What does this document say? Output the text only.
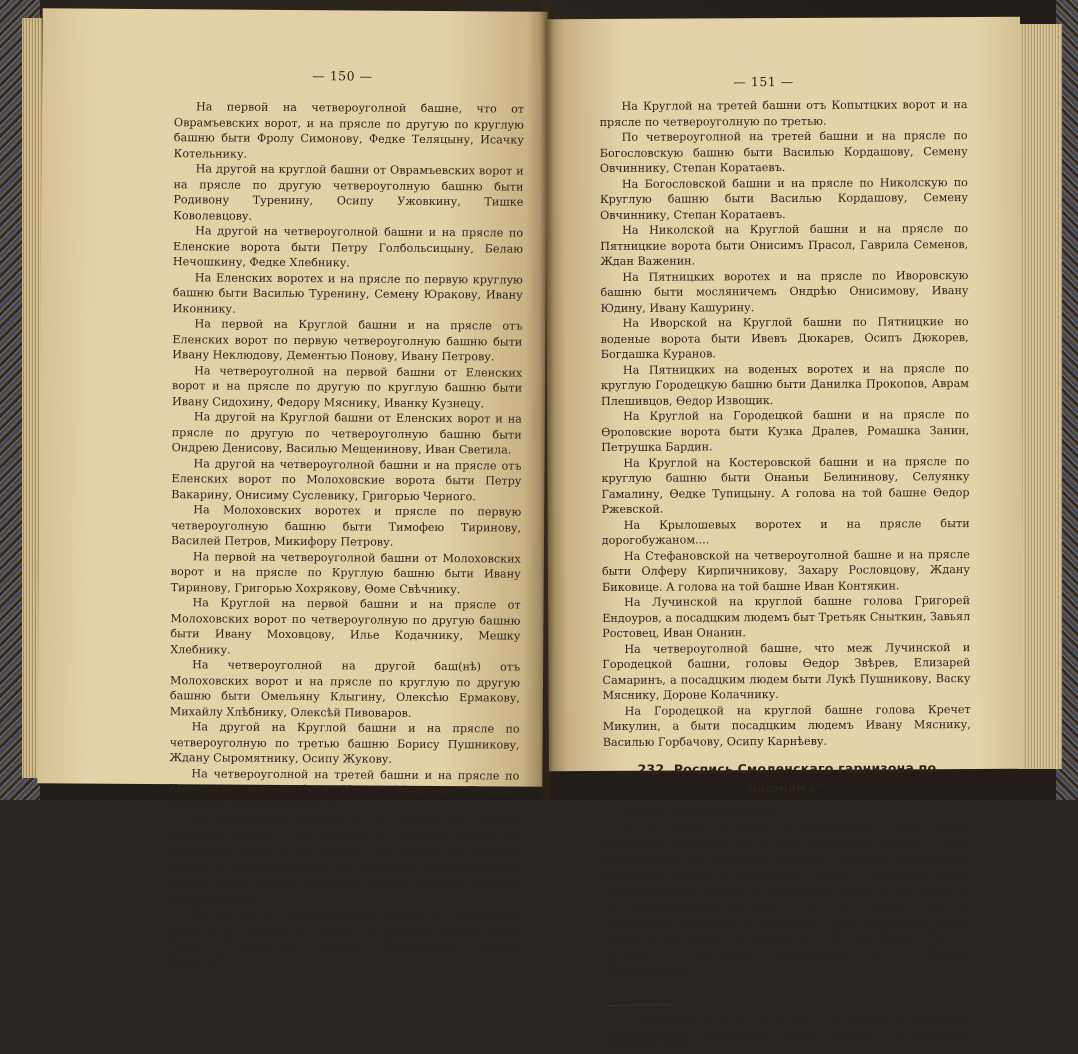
— 150 —

На первой на четвероуголной башне, что от Оврамъевских ворот, и на прясле по другую по круглую башню быти Фролу Симонову, Федке Теляцыну, Исачку Котельнику.

На другой на круглой башни от Оврамъевских ворот и на прясле по другую четвероуголную башню быти Родивону Туренину, Осипу Ужовкину, Тишке Коволевцову.

На другой на четвероуголной башни и на прясле по Еленские ворота быти Петру Голбольсицыну, Белаю Нечошкину, Федке Хлебнику.

На Еленских воротех и на прясле по первую круглую башню быти Василью Туренину, Семену Юракову, Ивану Иконнику.

На первой на Круглой башни и на прясле отъ Еленских ворот по первую четвероуголную башню быти Ивану Неклюдову, Дементью Понову, Ивану Петрову.

На четвероуголной на первой башни от Еленских ворот и на прясле по другую по круглую башню быти Ивану Сидохину, Федору Мяснику, Иванку Кузнецу.

На другой на Круглой башни от Еленских ворот и на прясле по другую по четвероуголную башню быти Ондрею Денисову, Василью Мещенинову, Иван Светила.

На другой на четвероуголной башни и на прясле отъ Еленских ворот по Молоховские ворота быти Петру Вакарину, Онисиму Суслевику, Григорью Черного.

На Молоховских воротех и прясле по первую четвероуголную башню быти Тимофею Тиринову, Василей Петров, Микифору Петрову.

На первой на четвероуголной башни от Молоховских ворот и на прясле по Круглую башню быти Ивану Тиринову, Григорью Хохрякову, Ѳоме Свѣчнику.

На Круглой на первой башни и на прясле от Молоховских ворот по четвероуголную по другую башню быти Ивану Моховцову, Илье Кодачнику, Мешку Хлебнику.

На четвероуголной на другой баш(нѣ) отъ Молоховских ворот и на прясле по круглую по другую башню быти Омельяну Клыгину, Олексѣю Ермакову, Михайлу Хлѣбнику, Олексѣй Пивоваров.

На другой на Круглой башни и на прясле по четвероуголную по третью башню Борису Пушникову, Ждану Сыромятнику, Осипу Жукову.

На четвероуголной на третей башни и на прясле по Копытцкие ворота быти Юрька Москалев, Данилка Жулидов, Дмитрей Голубцов.

На Копытцких воротех и на прясле по первую Круглую башню.... На первой на Круглой башни от Копытцких ворот и на прясле.... На другой на Круглой башни от Копытцких ворот по другую по четвероуголную башню быти Ѳедору Бровкину, Ѳедка Канкинъ, Матѳѣй Чепелевников.

На другой на четвероуголной башни от Копытцких ворот и на прясле по третью по круглую башню быти Юрью Огопьянову, Меркуш Овощевникъ, Артем Коратаевъ.

— 151 —

На Круглой на третей башни отъ Копытцких ворот и на прясле по четвероуголную по третью.

По четвероуголной на третей башни и на прясле по Богословскую башню быти Василью Кордашову, Семену Овчиннику, Степан Коратаевъ.

На Богословской башни и на прясле по Николскую по Круглую башню быти Василью Кордашову, Семену Овчиннику, Степан Коратаевъ.

На Николской на Круглой башни и на прясле по Пятницкие ворота быти Онисимъ Прасол, Гаврила Семенов, Ждан Важенин.

На Пятницких воротех и на прясле по Иворовскую башню быти мосляничемъ Ондрѣю Онисимову, Ивану Юдину, Ивану Кашурину.

На Иворской на Круглой башни по Пятницкие но воденые ворота быти Ивевъ Дюкарев, Осипъ Дюкорев, Богдашка Куранов.

На Пятницких на воденых воротех и на прясле по круглую Городецкую башню быти Данилка Прокопов, Аврам Плешивцов, Ѳедор Извощик.

На Круглой на Городецкой башни и на прясле по Ѳроловские ворота быти Кузка Дралев, Ромашка Занин, Петрушка Бардин.

На Круглой на Костеровской башни и на прясле по круглую башню быти Онаньи Белининову, Селуянку Гамалину, Ѳедке Тупицыну. А голова на той башне Ѳедор Ржевской.

На Крылошевых воротех и на прясле быти дорогобужаном....

На Стефановской на четвероуголной башне и на прясле быти Олферу Кирпичникову, Захару Рословцову, Ждану Биковице. А голова на той башне Иван Контякин.

На Лучинской на круглой башне голова Григорей Ендоуров, а посадцким людемъ быт Третьяк Сныткин, Завьял Ростовец, Иван Онанин.

На четвероуголной башне, что меж Лучинской и Городецкой башни, головы Ѳедор Звѣрев, Елизарей Самаринъ, а посадцким людем быти Лукѣ Пушникову, Васку Мяснику, Дороне Колачнику.

На Городецкой на круглой башне голова Кречет Микулин, а быти посадцким людемъ Ивану Мяснику, Василью Горбачову, Осипу Карнѣеву.

232. Роспись Смоленскаго гарнизона по башнямъ$^{1)}$

Ворота Ѳроловские(скиe)...

И по городу по стенѣ по Семен(ской)... дати головѣ Никифору Ефимову да с ним посадцким людем ...фану Рогатникову да Григорью Героховy, Михайлу Хлѣбнику к наряду на заворот и на подъем... стенѣ... Городецкие сотни сотник Данила Кузмин да посадцких людей и ихъ детей да их подсуседников 53 чел. И из того числа стоят на Ѳроловских воротех и по городовой стенѣ посадцким людем девятк и ночевают 10 человѣкъ, а 43 человѣкамъ быти у остроху з Григорьем Какошкиным да с Ызаном Жидовиновым.

$^{1)}$ Совпадаетъ съ А. И., II, № 259, I, но полнѣе ея, потому что распредѣляются обязанности между людьми, составляющими гарнизонъ башенъ.
